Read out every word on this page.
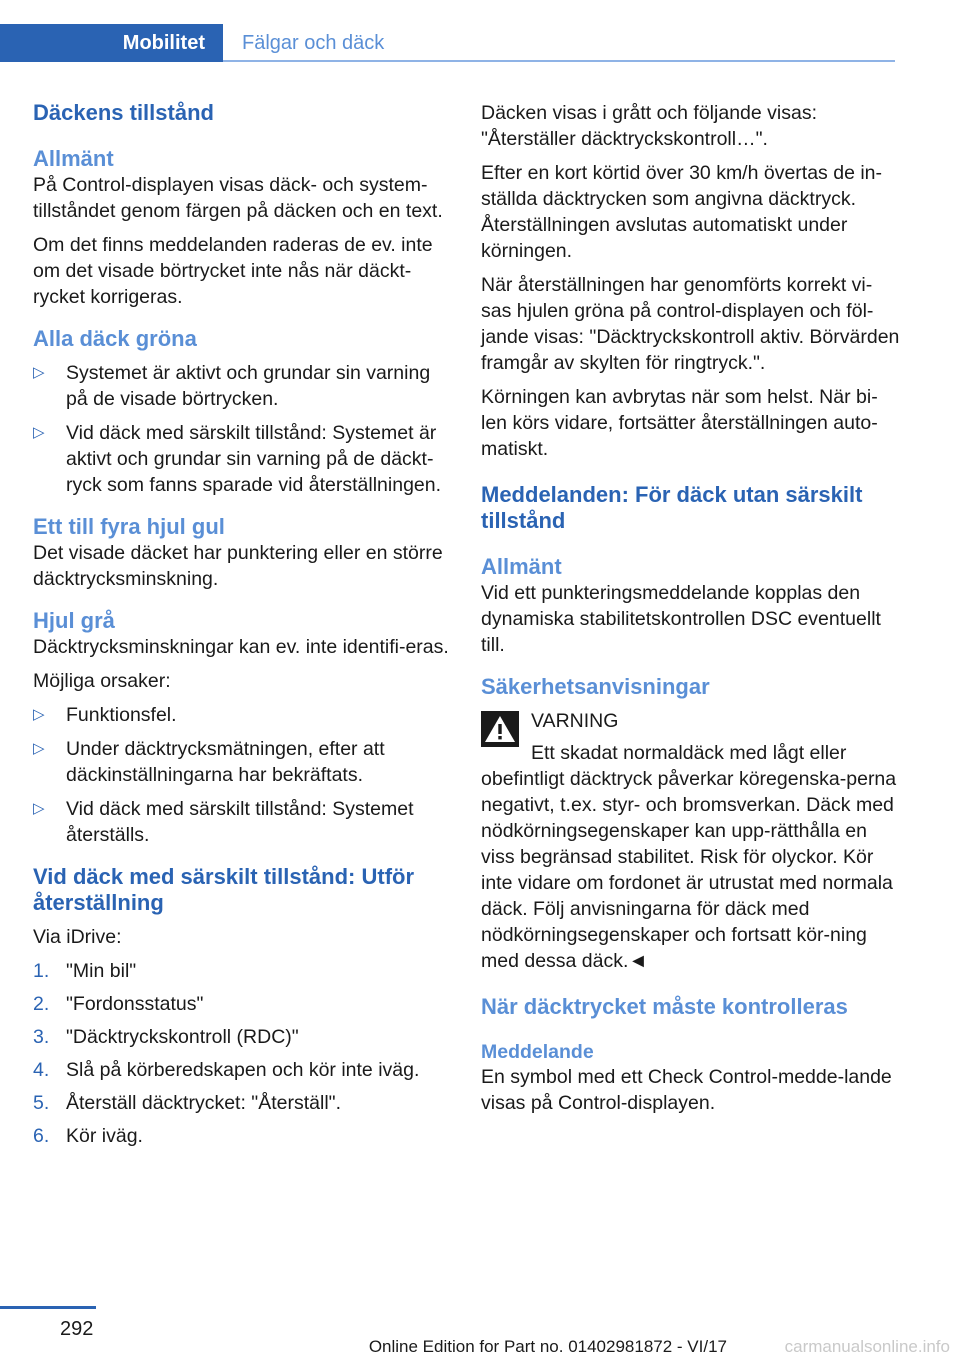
Mobilitet Fälgar och däck
Däckens tillstånd
Allmänt

På Control-displayen visas däck- och system-tillståndet genom färgen på däcken och en text.

Om det finns meddelanden raderas de ev. inte om det visade börtrycket inte nås när däckt-rycket korrigeras.

Alla däck gröna
▷ Systemet är aktivt och grundar sin varning på de visade börtrycken.
▷ Vid däck med särskilt tillstånd: Systemet är aktivt och grundar sin varning på de däckt-ryck som fanns sparade vid återställningen.
Ett till fyra hjul gul

Det visade däcket har punktering eller en större däcktrycksminskning.

Hjul grå

Däcktrycksminskningar kan ev. inte identifi-eras.

Möjliga orsaker:

▷ Funktionsfel.
▷ Under däcktrycksmätningen, efter att däckinställningarna har bekräftats.
▷ Vid däck med särskilt tillstånd: Systemet återställs.
Vid däck med särskilt tillstånd: Utför återställning

Via iDrive:

1. "Min bil"
2. "Fordonsstatus"
3. "Däcktryckskontroll (RDC)"
4. Slå på körberedskapen och kör inte iväg.
5. Återställ däcktrycket: "Återställ".
6. Kör iväg.

Däcken visas i grått och följande visas: "Återställer däcktryckskontroll…".

Efter en kort körtid över 30 km/h övertas de in-ställda däcktrycken som angivna däcktryck. Återställningen avslutas automatiskt under körningen.

När återställningen har genomförts korrekt vi-sas hjulen gröna på control-displayen och föl-jande visas: "Däcktryckskontroll aktiv. Börvärden framgår av skylten för ringtryck.".

Körningen kan avbrytas när som helst. När bi-len körs vidare, fortsätter återställningen auto-matiskt.

Meddelanden: För däck utan särskilt tillstånd
Allmänt

Vid ett punkteringsmeddelande kopplas den dynamiska stabilitetskontrollen DSC eventuellt till.

Säkerhetsanvisningar

VARNING

Ett skadat normaldäck med lågt eller

obefintligt däcktryck påverkar köregenska-perna negativt, t.ex. styr- och bromsverkan. Däck med nödkörningsegenskaper kan upp-rätthålla en viss begränsad stabilitet. Risk för olyckor. Kör inte vidare om fordonet är utrustat med normala däck. Följ anvisningarna för däck med nödkörningsegenskaper och fortsatt kör-ning med dessa däck.◄

När däcktrycket måste kontrolleras
Meddelande

En symbol med ett Check Control-medde-lande visas på Control-displayen.

292
Online Edition for Part no. 01402981872 - VI/17	carmanualsonline.info
